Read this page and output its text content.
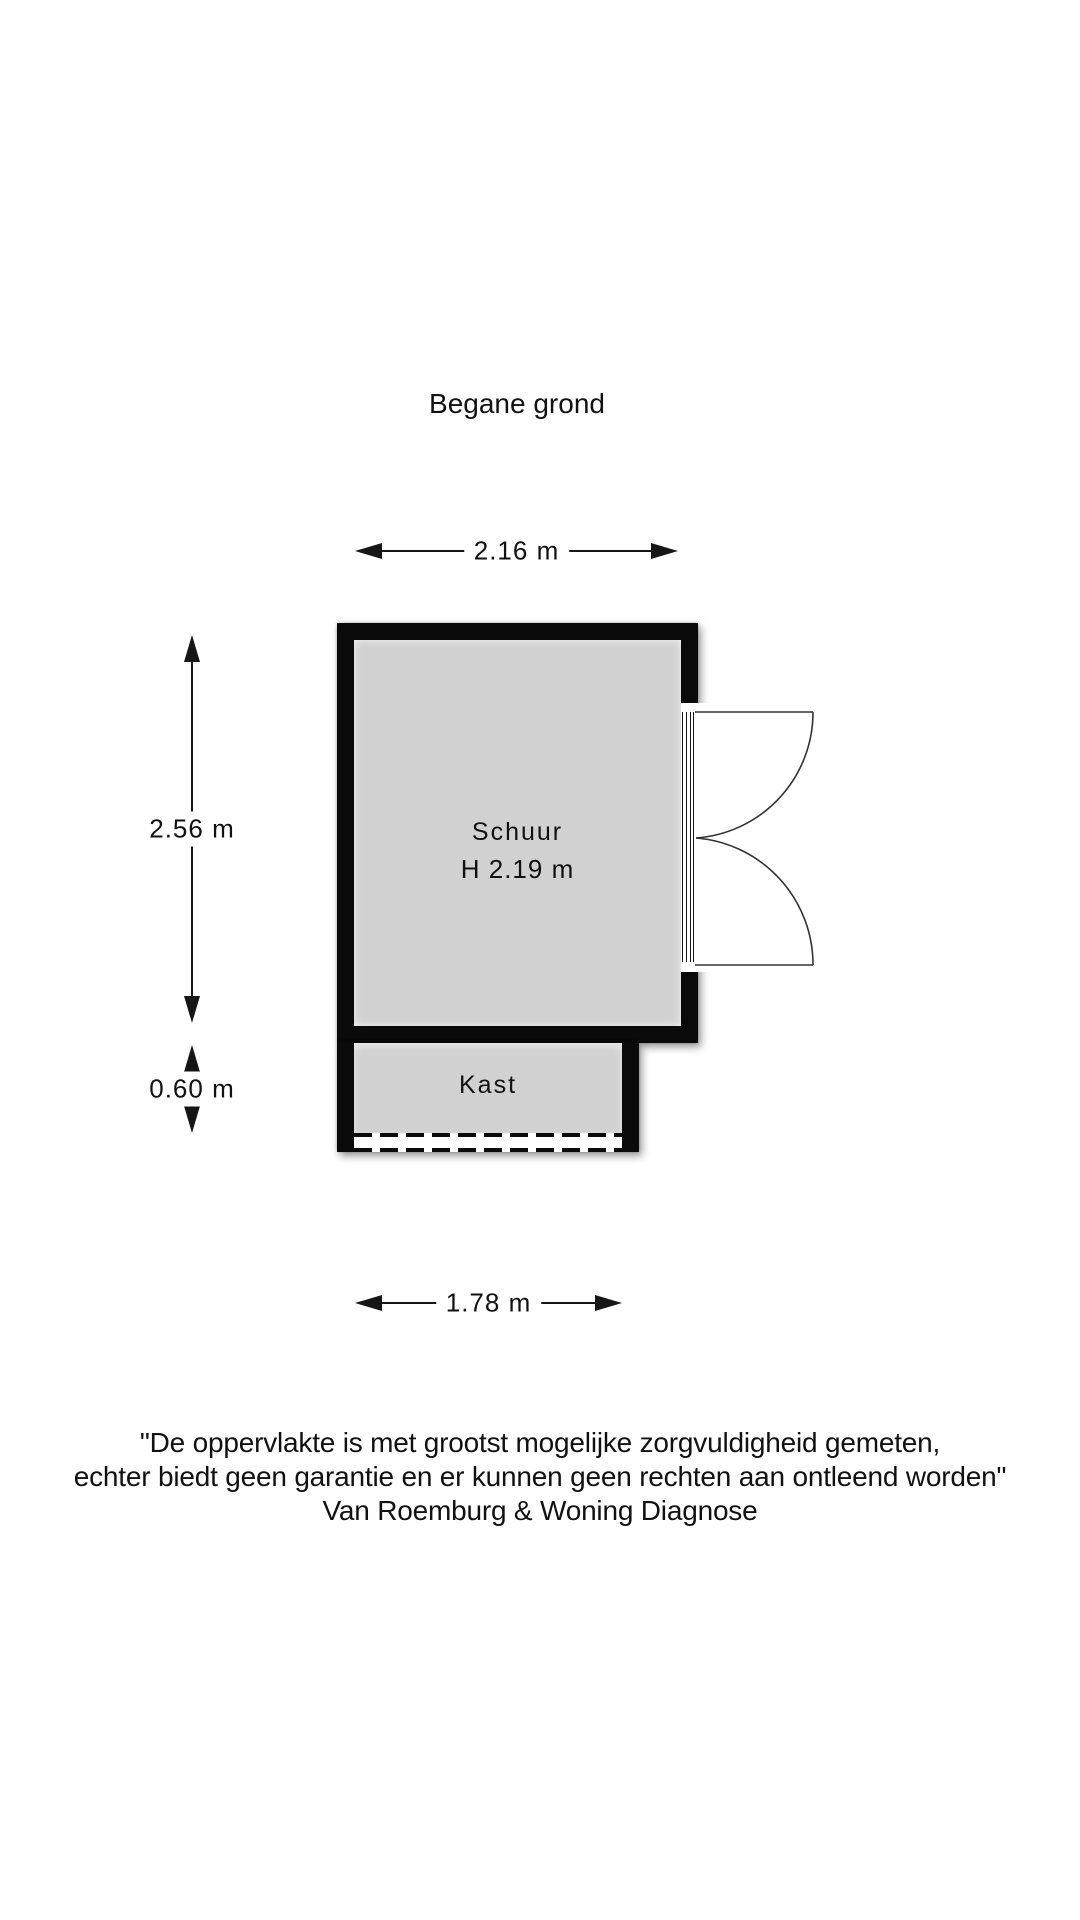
Begane grond
2.16 m
Schuur
H 2.19 m
Kast
2.56 m
0.60 m
1.78 m
"De oppervlakte is met grootst mogelijke zorgvuldigheid gemeten,
echter biedt geen garantie en er kunnen geen rechten aan ontleend worden"
Van Roemburg & Woning Diagnose
